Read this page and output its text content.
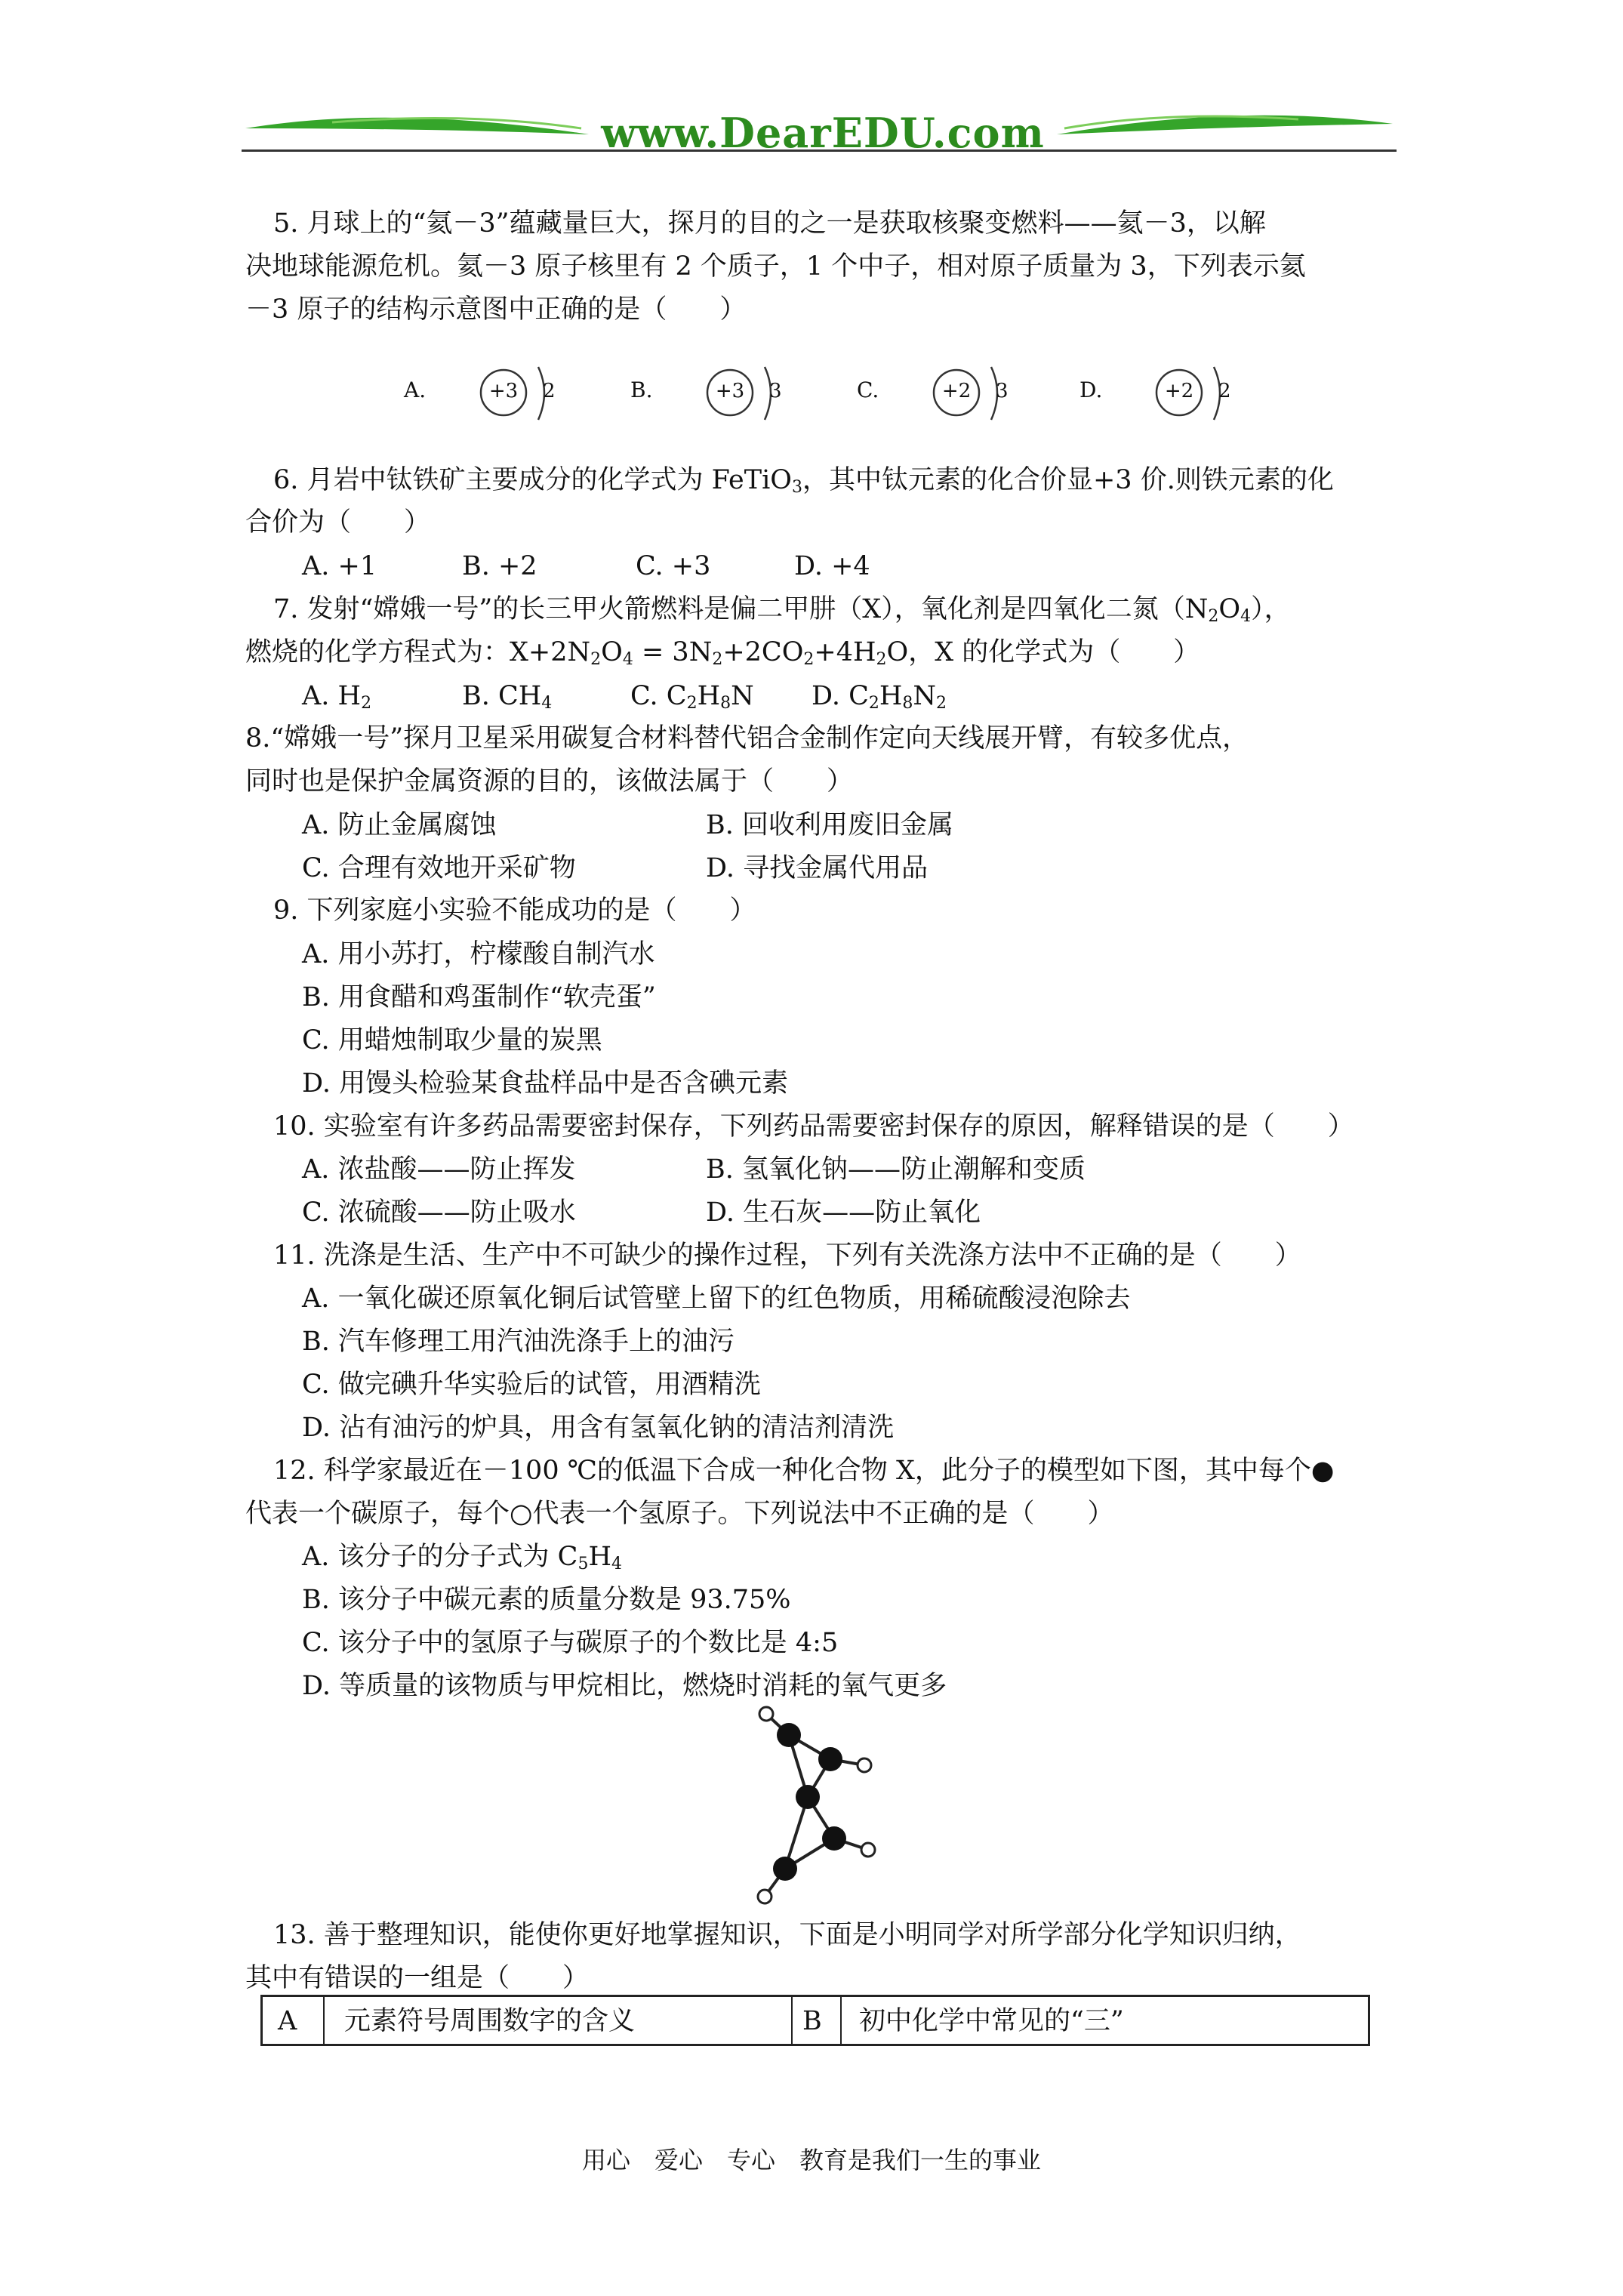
www.DearEDU.com
5. 月球上的“氦－3”蕴藏量巨大，探月的目的之一是获取核聚变燃料——氦－3，以解
决地球能源危机。氦－3 原子核里有 2 个质子，1 个中子，相对原子质量为 3，下列表示氦
－3 原子的结构示意图中正确的是（　　）
A.	+3	2	B.	+3	3	C.	+2	3	D.	+2	2
6. 月岩中钛铁矿主要成分的化学式为 FeTiO$_3$，其中钛元素的化合价显+3 价.则铁元素的化
合价为（　　）
A. +1	B. +2	C. +3	D. +4
7. 发射“嫦娥一号”的长三甲火箭燃料是偏二甲肼（X），氧化剂是四氧化二氮$(N_2O_4)$，
燃烧的化学方程式为：$X+2N_2O_4 = 3N_2+2CO_2+4H_2O$，X 的化学式为（　　）
A. $H_2$	B. $CH_4$	C. $C_2H_8N$ D. $C_2H_8N_2$
8.“嫦娥一号”探月卫星采用碳复合材料替代铝合金制作定向天线展开臂，有较多优点，
同时也是保护金属资源的目的，该做法属于（　　）
A. 防止金属腐蚀	B. 回收利用废旧金属
C. 合理有效地开采矿物	D. 寻找金属代用品
9. 下列家庭小实验不能成功的是（　　）
A. 用小苏打，柠檬酸自制汽水
B. 用食醋和鸡蛋制作“软壳蛋”
C. 用蜡烛制取少量的炭黑
D. 用馒头检验某食盐样品中是否含碘元素
10. 实验室有许多药品需要密封保存，下列药品需要密封保存的原因，解释错误的是（　　）
A. 浓盐酸——防止挥发	B. 氢氧化钠——防止潮解和变质
C. 浓硫酸——防止吸水	D. 生石灰——防止氧化
11. 洗涤是生活、生产中不可缺少的操作过程，下列有关洗涤方法中不正确的是（　　）
A. 一氧化碳还原氧化铜后试管壁上留下的红色物质，用稀硫酸浸泡除去
B. 汽车修理工用汽油洗涤手上的油污
C. 做完碘升华实验后的试管，用酒精洗
D. 沾有油污的炉具，用含有氢氧化钠的清洁剂清洗
12. 科学家最近在－100 ℃的低温下合成一种化合物 X，此分子的模型如下图，其中每个●
代表一个碳原子，每个○代表一个氢原子。下列说法中不正确的是（　　）
A. 该分子的分子式为 $C_5H_4$
B. 该分子中碳元素的质量分数是 93.75%
C. 该分子中的氢原子与碳原子的个数比是 4:5
D. 等质量的该物质与甲烷相比，燃烧时消耗的氧气更多
13. 善于整理知识，能使你更好地掌握知识，下面是小明同学对所学部分化学知识归纳，
其中有错误的一组是（　　）
A 元素符号周围数字的含义	B 初中化学中常见的“三”
用心　爱心　专心　教育是我们一生的事业
